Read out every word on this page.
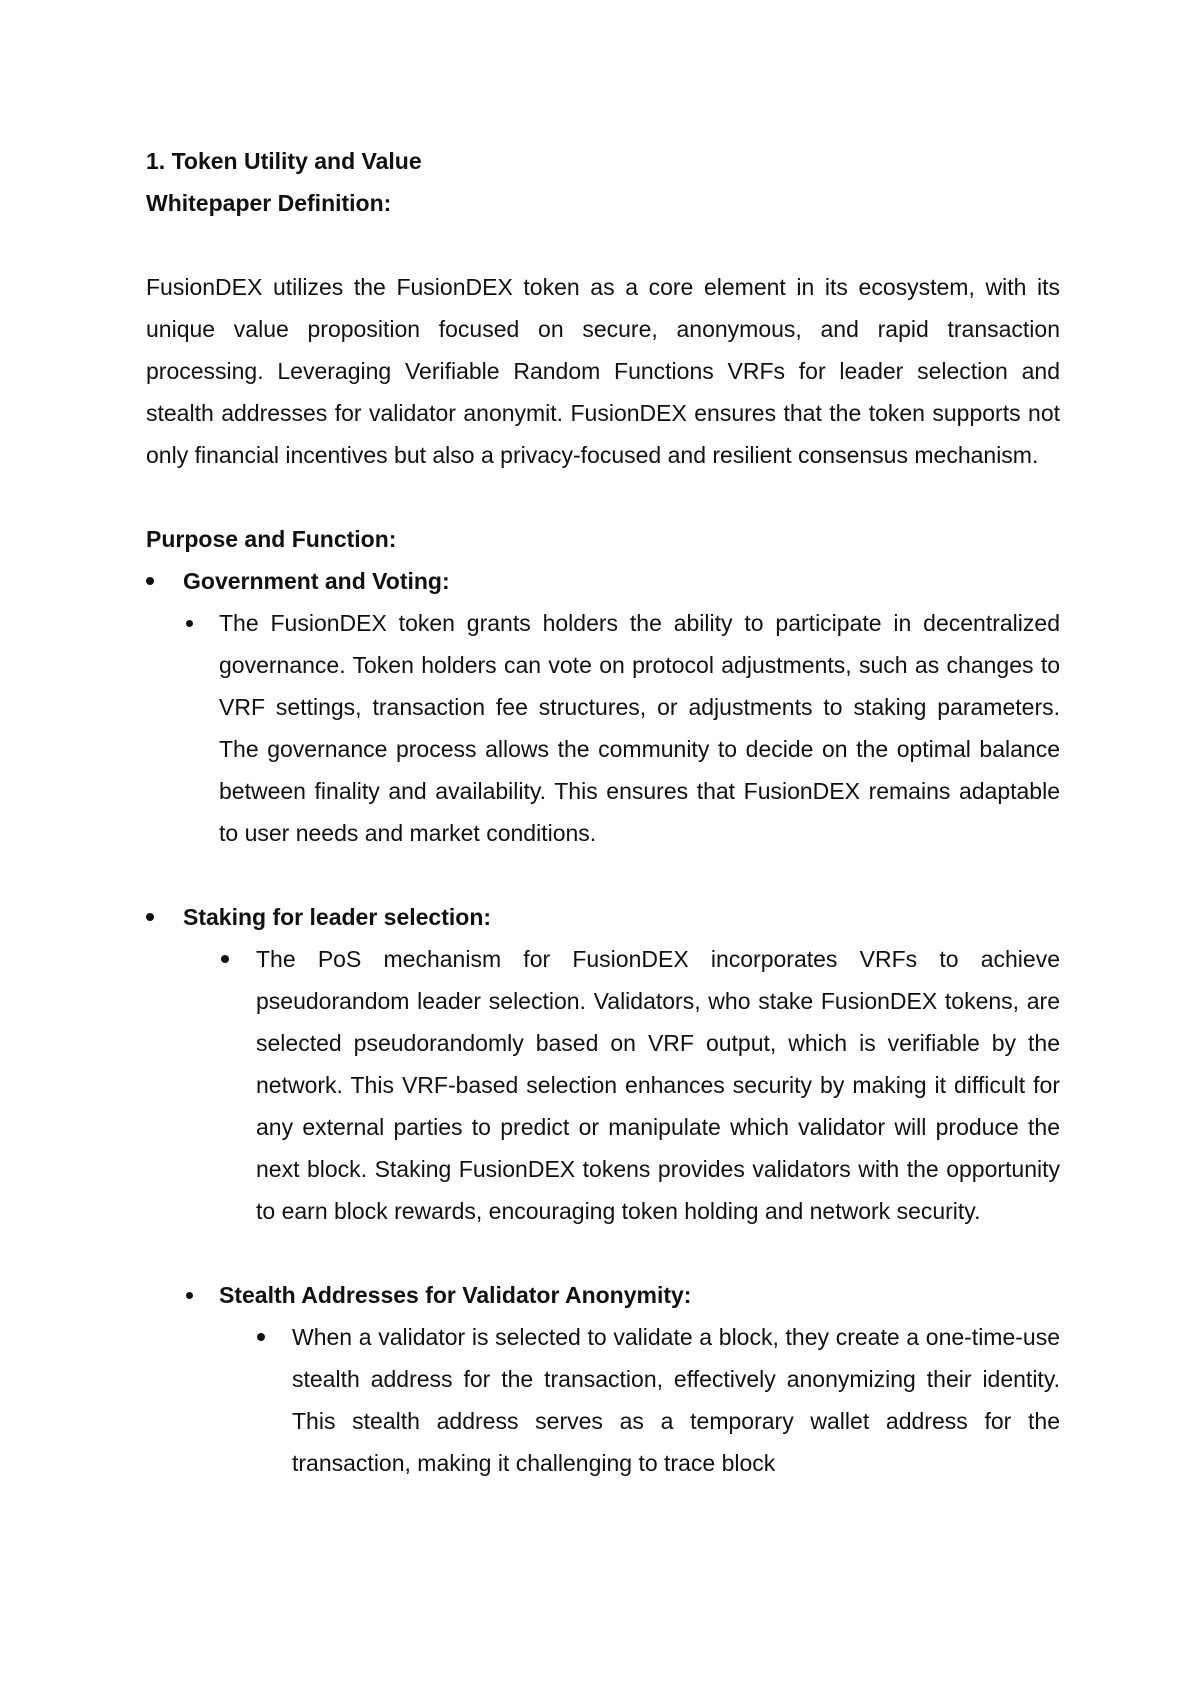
1. Token Utility and Value

Whitepaper Definition:

FusionDEX utilizes the FusionDEX token as a core element in its ecosystem, with its unique value proposition focused on secure, anonymous, and rapid transaction processing. Leveraging Verifiable Random Functions VRFs for leader selection and stealth addresses for validator anonymit. FusionDEX ensures that the token supports not only financial incentives but also a privacy-focused and resilient consensus mechanism.

Purpose and Function:

Government and Voting:

The FusionDEX token grants holders the ability to participate in decentralized governance. Token holders can vote on protocol adjustments, such as changes to VRF settings, transaction fee structures, or adjustments to staking parameters. The governance process allows the community to decide on the optimal balance between finality and availability. This ensures that FusionDEX remains adaptable to user needs and market conditions.

Staking for leader selection:

The PoS mechanism for FusionDEX incorporates VRFs to achieve pseudorandom leader selection. Validators, who stake FusionDEX tokens, are selected pseudorandomly based on VRF output, which is verifiable by the network. This VRF-based selection enhances security by making it difficult for any external parties to predict or manipulate which validator will produce the next block. Staking FusionDEX tokens provides validators with the opportunity to earn block rewards, encouraging token holding and network security.

Stealth Addresses for Validator Anonymity:

When a validator is selected to validate a block, they create a one-time-use stealth address for the transaction, effectively anonymizing their identity. This stealth address serves as a temporary wallet address for the transaction, making it challenging to trace block
